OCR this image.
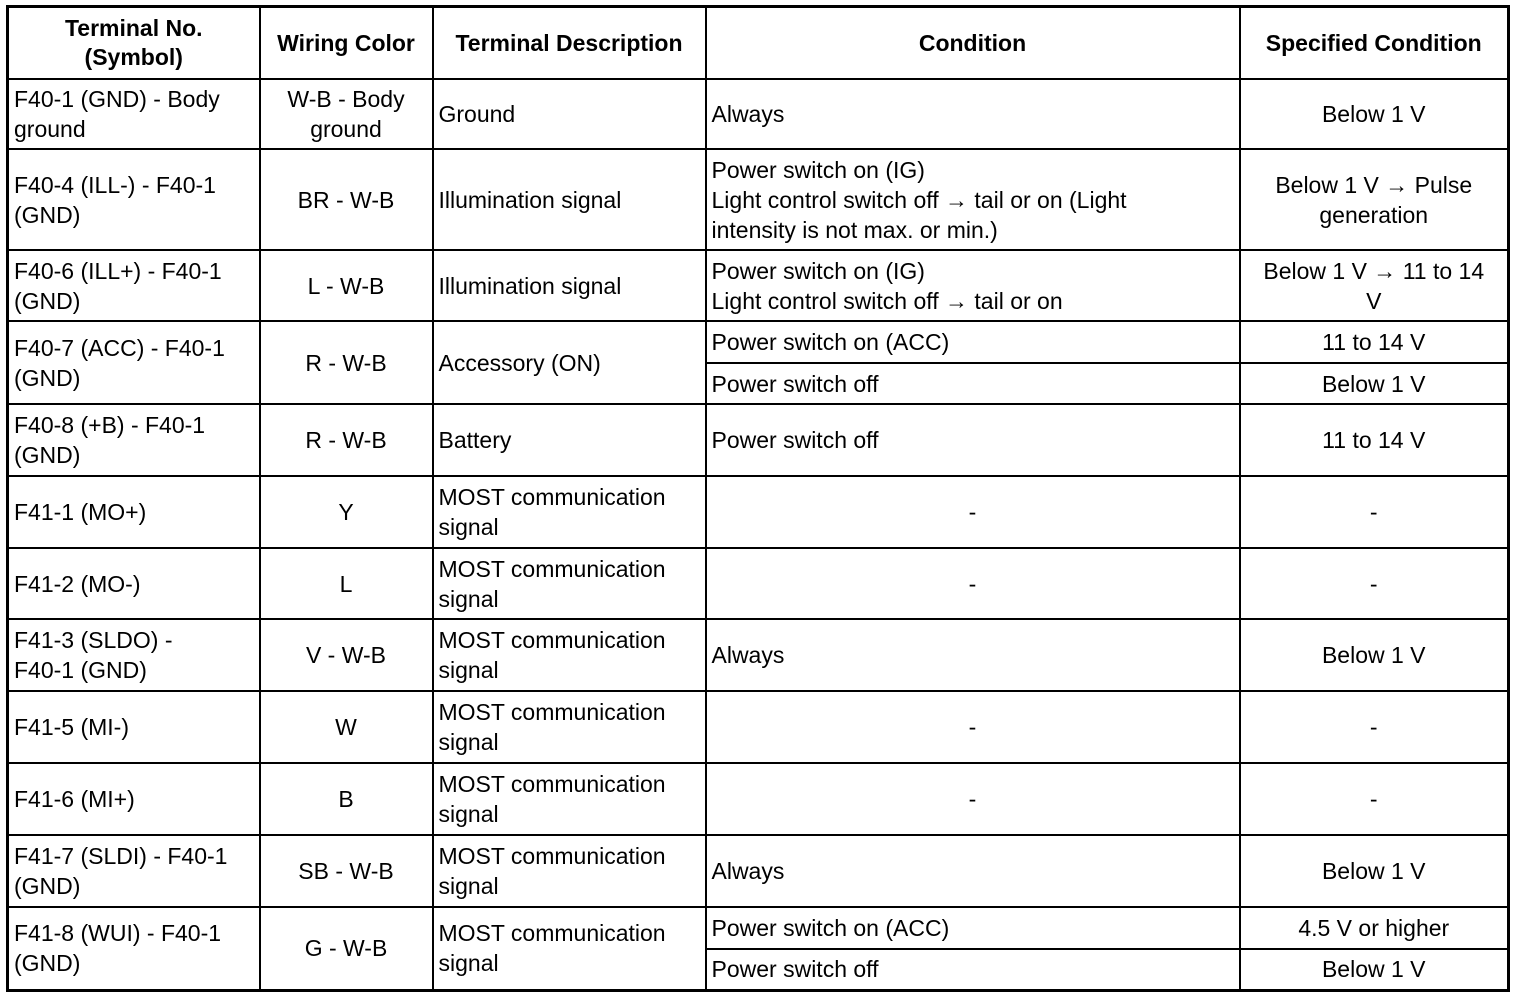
Terminal No.
(Symbol)	Wiring Color	Terminal Description	Condition	Specified Condition

F40-1 (GND) - Body
ground	W-B - Body
ground	Ground	Always	Below 1 V

F40-4 (ILL-) - F40-1
(GND)	BR - W-B	Illumination signal	Power switch on (IG)
Light control switch off → tail or on (Light
intensity is not max. or min.)	Below 1 V → Pulse
generation

F40-6 (ILL+) - F40-1
(GND)	L - W-B	Illumination signal	Power switch on (IG)
Light control switch off → tail or on	Below 1 V → 11 to 14
V

F40-7 (ACC) - F40-1
(GND)	R - W-B	Accessory (ON)	Power switch on (ACC)	11 to 14 V

			Power switch off	Below 1 V

F40-8 (+B) - F40-1
(GND)	R - W-B	Battery	Power switch off	11 to 14 V

F41-1 (MO+)	Y	MOST communication
signal	-	-

F41-2 (MO-)	L	MOST communication
signal	-	-

F41-3 (SLDO) -
F40-1 (GND)	V - W-B	MOST communication
signal	Always	Below 1 V

F41-5 (MI-)	W	MOST communication
signal	-	-

F41-6 (MI+)	B	MOST communication
signal	-	-

F41-7 (SLDI) - F40-1
(GND)	SB - W-B	MOST communication
signal	Always	Below 1 V

F41-8 (WUI) - F40-1
(GND)	G - W-B	MOST communication
signal	Power switch on (ACC)	4.5 V or higher

			Power switch off	Below 1 V
